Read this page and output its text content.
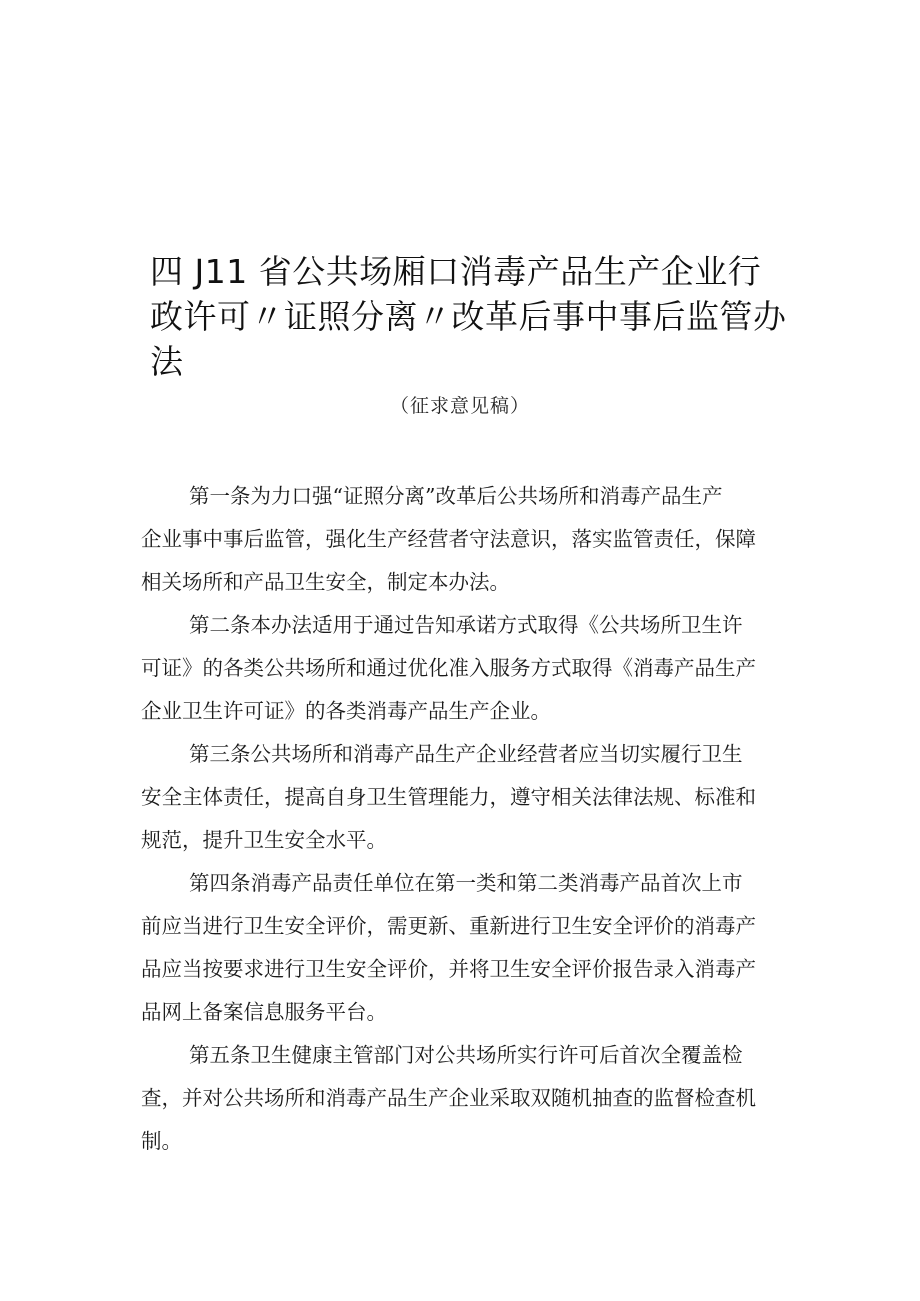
四 J11 省公共场厢口消毒产品生产企业行
政许可〃证照分离〃改革后事中事后监管办
法
（征求意见稿）

第一条为力口强“证照分离”改革后公共场所和消毒产品生产
企业事中事后监管，强化生产经营者守法意识，落实监管责任，保障
相关场所和产品卫生安全，制定本办法。

第二条本办法适用于通过告知承诺方式取得《公共场所卫生许
可证》的各类公共场所和通过优化准入服务方式取得《消毒产品生产
企业卫生许可证》的各类消毒产品生产企业。

第三条公共场所和消毒产品生产企业经营者应当切实履行卫生
安全主体责任，提高自身卫生管理能力，遵守相关法律法规、标准和
规范，提升卫生安全水平。

第四条消毒产品责任单位在第一类和第二类消毒产品首次上市
前应当进行卫生安全评价，需更新、重新进行卫生安全评价的消毒产
品应当按要求进行卫生安全评价，并将卫生安全评价报告录入消毒产
品网上备案信息服务平台。

第五条卫生健康主管部门对公共场所实行许可后首次全覆盖检
查，并对公共场所和消毒产品生产企业采取双随机抽查的监督检查机
制。
